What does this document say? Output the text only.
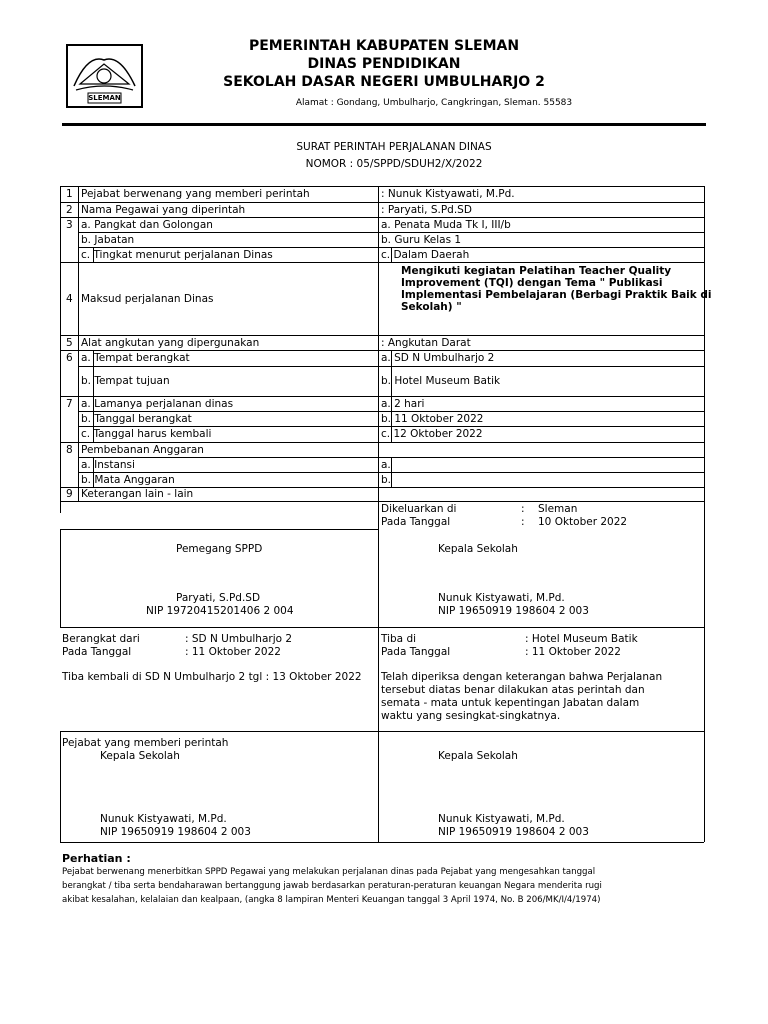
SLEMAN
PEMERINTAH KABUPATEN SLEMAN
DINAS PENDIDIKAN
SEKOLAH DASAR NEGERI UMBULHARJO 2
Alamat : Gondang, Umbulharjo, Cangkringan, Sleman. 55583
SURAT PERINTAH PERJALANAN DINAS
NOMOR : 05/SPPD/SDUH2/X/2022
1 Pejabat berwenang yang memberi perintah	: Nunuk Kistyawati, M.Pd.
2 Nama Pegawai yang diperintah	: Paryati, S.Pd.SD
3 a. Pangkat dan Golongan	a. Penata Muda Tk I, III/b
b. Jabatan	b. Guru Kelas 1
c. Tingkat menurut perjalanan Dinas	c. Dalam Daerah
4 Maksud perjalanan Dinas
Mengikuti kegiatan Pelatihan Teacher Quality
Improvement (TQI) dengan Tema " Publikasi
Implementasi Pembelajaran (Berbagi Praktik Baik di
Sekolah) "
5 Alat angkutan yang dipergunakan	: Angkutan Darat
6 a. Tempat berangkat	a. SD N Umbulharjo 2
b. Tempat tujuan	b. Hotel Museum Batik
7 a. Lamanya perjalanan dinas	a. 2 hari
b. Tanggal berangkat	b. 11 Oktober 2022
c. Tanggal harus kembali	c. 12 Oktober 2022
8 Pembebanan Anggaran
a. Instansi	a.
b. Mata Anggaran	b.
9 Keterangan lain - lain
Dikeluarkan di	: Sleman
Pada Tanggal	: 10 Oktober 2022
Pemegang SPPD
Paryati, S.Pd.SD
NIP 19720415201406 2 004
Kepala Sekolah
Nunuk Kistyawati, M.Pd.
NIP 19650919 198604 2 003
Berangkat dari	: SD N Umbulharjo 2
Pada Tanggal	: 11 Oktober 2022
Tiba kembali di SD N Umbulharjo 2 tgl : 13 Oktober 2022
Tiba di	: Hotel Museum Batik
Pada Tanggal	: 11 Oktober 2022
Telah diperiksa dengan keterangan bahwa Perjalanan
tersebut diatas benar dilakukan atas perintah dan
semata - mata untuk kepentingan Jabatan dalam
waktu yang sesingkat-singkatnya.
Pejabat yang memberi perintah
Kepala Sekolah
Nunuk Kistyawati, M.Pd.
NIP 19650919 198604 2 003
Kepala Sekolah
Nunuk Kistyawati, M.Pd.
NIP 19650919 198604 2 003
Perhatian :
Pejabat berwenang menerbitkan SPPD Pegawai yang melakukan perjalanan dinas pada Pejabat yang mengesahkan tanggal
berangkat / tiba serta bendaharawan bertanggung jawab berdasarkan peraturan-peraturan keuangan Negara menderita rugi
akibat kesalahan, kelalaian dan kealpaan, (angka 8 lampiran Menteri Keuangan tanggal 3 April 1974, No. B 206/MK/I/4/1974)
